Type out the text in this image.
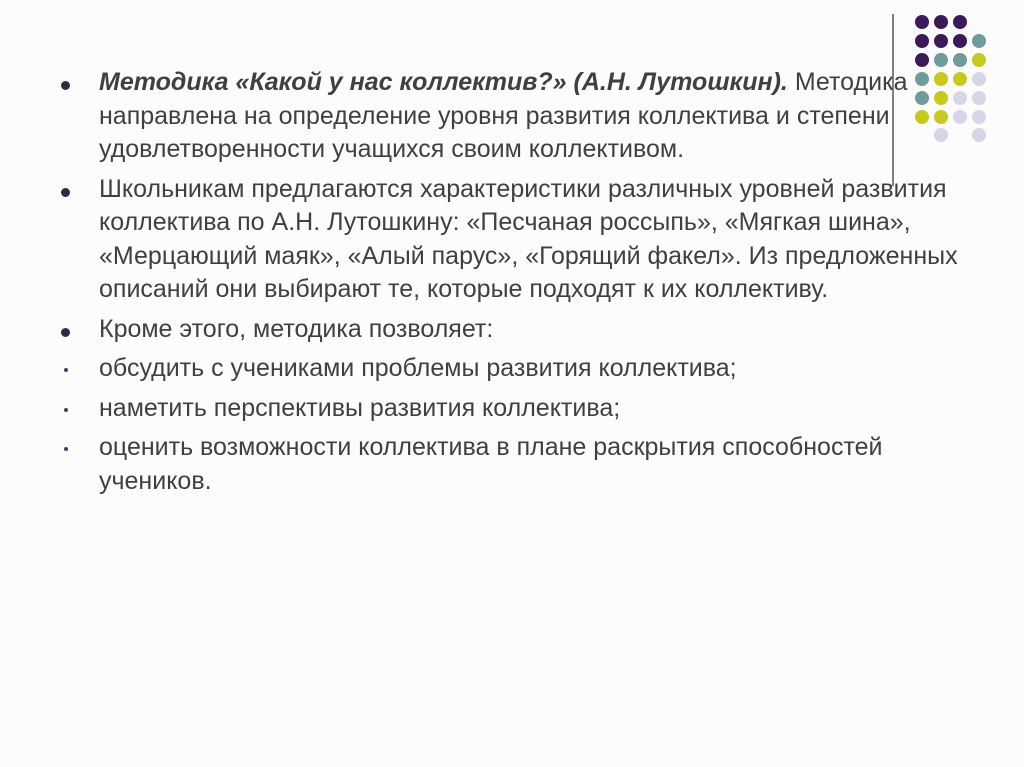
Методика «Какой у нас коллектив?» (А.Н. Лутошкин). Методика направлена на определение уровня развития коллектива и степени удовлетворенности учащихся своим коллективом.
Школьникам предлагаются характеристики различных уровней развития коллектива по А.Н. Лутошкину: «Песчаная россыпь», «Мягкая шина», «Мерцающий маяк», «Алый парус», «Горящий факел». Из предложенных описаний они выбирают те, которые подходят к их коллективу.
Кроме этого, методика позволяет:
обсудить с учениками проблемы развития коллектива;
наметить перспективы развития коллектива;
оценить возможности коллектива в плане раскрытия способностей учеников.
